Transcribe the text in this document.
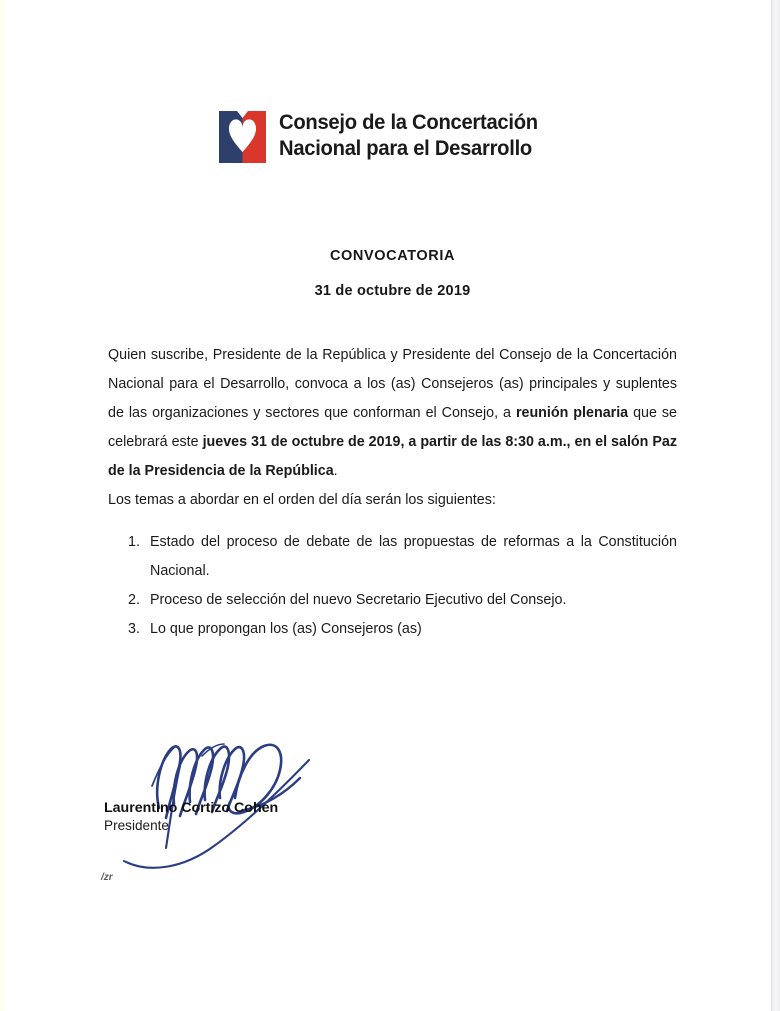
Consejo de la Concertación
Nacional para el Desarrollo
CONVOCATORIA
31 de octubre de 2019

Quien suscribe, Presidente de la República y Presidente del Consejo de la Concertación Nacional para el Desarrollo, convoca a los (as) Consejeros (as) principales y suplentes de las organizaciones y sectores que conforman el Consejo, a reunión plenaria que se celebrará este jueves 31 de octubre de 2019, a partir de las 8:30 a.m., en el salón Paz de la Presidencia de la República.

Los temas a abordar en el orden del día serán los siguientes:

1. Estado del proceso de debate de las propuestas de reformas a la Constitución Nacional.
2. Proceso de selección del nuevo Secretario Ejecutivo del Consejo.
3. Lo que propongan los (as) Consejeros (as)
Laurentino Cortizo Cohen
Presidente
/zr
